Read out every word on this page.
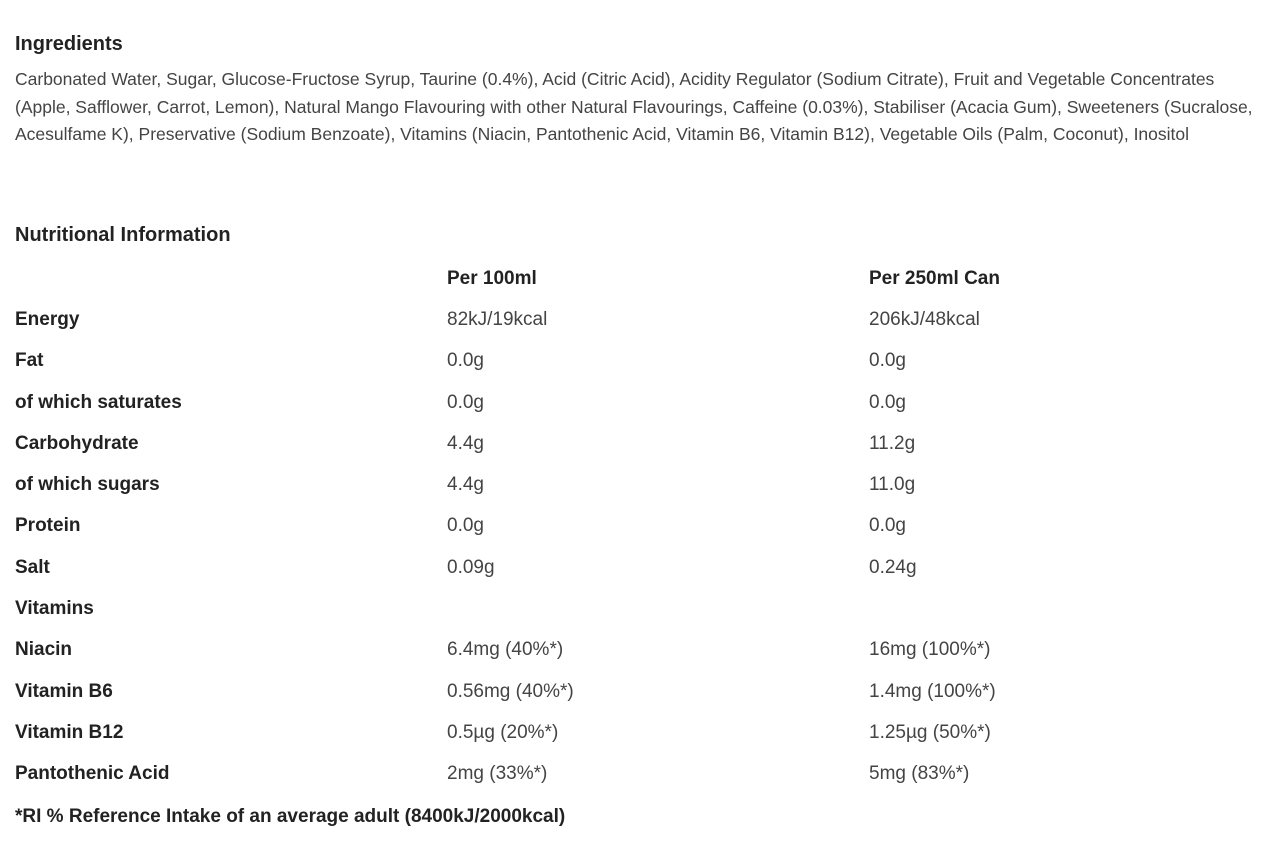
Ingredients

Carbonated Water, Sugar, Glucose-Fructose Syrup, Taurine (0.4%), Acid (Citric Acid), Acidity Regulator (Sodium Citrate), Fruit and Vegetable Concentrates (Apple, Safflower, Carrot, Lemon), Natural Mango Flavouring with other Natural Flavourings, Caffeine (0.03%), Stabiliser (Acacia Gum), Sweeteners (Sucralose, Acesulfame K), Preservative (Sodium Benzoate), Vitamins (Niacin, Pantothenic Acid, Vitamin B6, Vitamin B12), Vegetable Oils (Palm, Coconut), Inositol

Nutritional Information
	Per 100ml	Per 250ml Can
Energy	82kJ/19kcal	206kJ/48kcal
Fat	0.0g	0.0g
of which saturates	0.0g	0.0g
Carbohydrate	4.4g	11.2g
of which sugars	4.4g	11.0g
Protein	0.0g	0.0g
Salt	0.09g	0.24g
Vitamins		
Niacin	6.4mg (40%*)	16mg (100%*)
Vitamin B6	0.56mg (40%*)	1.4mg (100%*)
Vitamin B12	0.5µg (20%*)	1.25µg (50%*)
Pantothenic Acid	2mg (33%*)	5mg (83%*)

*RI % Reference Intake of an average adult (8400kJ/2000kcal)
